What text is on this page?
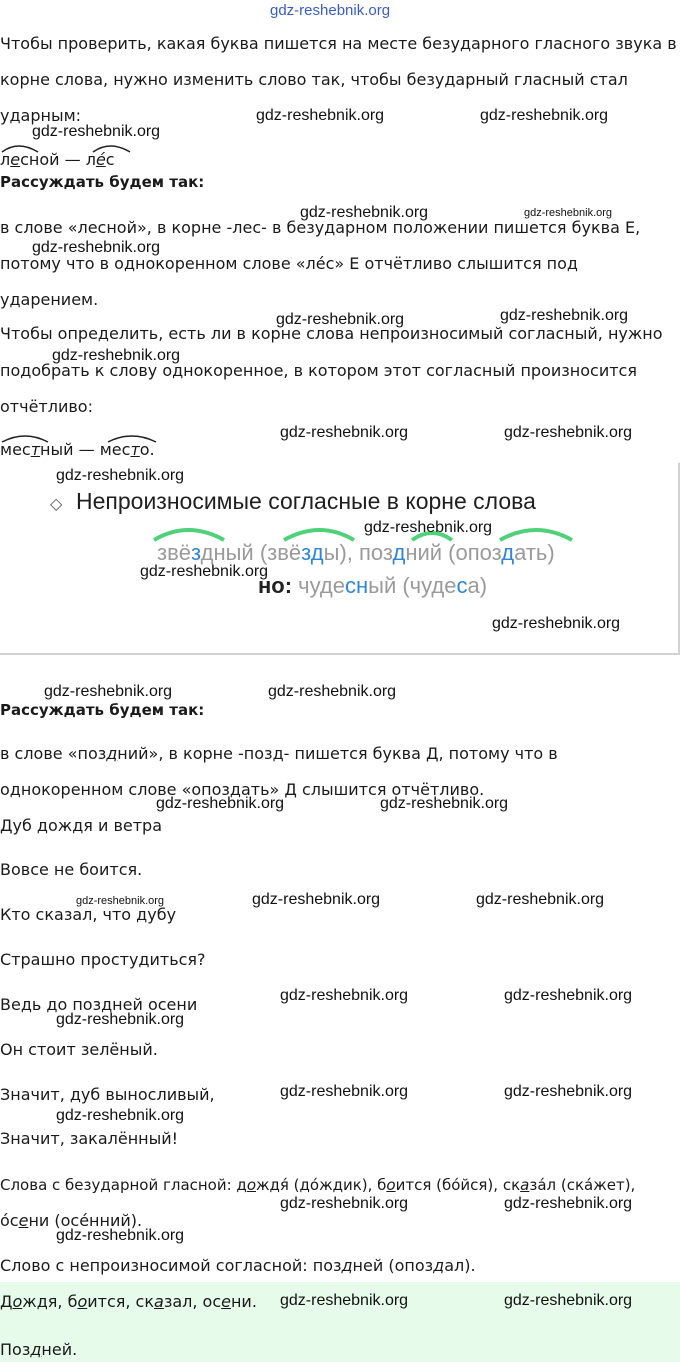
gdz-reshebnik.org
Чтобы проверить, какая буква пишется на месте безударного гласного звука в
корне слова, нужно изменить слово так, чтобы безударный гласный стал
ударным:
лесной — ле́с
Рассуждать будем так:
в слове «лесной», в корне -лес- в безударном положении пишется буква Е,
потому что в однокоренном слове «ле́с» Е отчётливо слышится под
ударением.
Чтобы определить, есть ли в корне слова непроизносимый согласный, нужно
подобрать к слову однокоренное, в котором этот согласный произносится
отчётливо:
местный — место.
◇ Непроизносимые согласные в корне слова
звёздный (звёзды), поздний (опоздать)
но: чудесный (чудеса)
Рассуждать будем так:
в слове «поздний», в корне -позд- пишется буква Д, потому что в
однокоренном слове «опоздать» Д слышится отчётливо.
Дуб дождя и ветра
Вовсе не боится.
Кто сказал, что дубу
Страшно простудиться?
Ведь до поздней осени
Он стоит зелёный.
Значит, дуб выносливый,
Значит, закалённый!
Слова с безударной гласной: дождя́ (до́ждик), боится (бо́йся), сказа́л (ска́жет),
о́сени (осе́нний).
Слово с непроизносимой согласной: поздней (опоздал).
Дождя, боится, сказал, осени.
Поздней.
gdz-reshebnik.org	gdz-reshebnik.org
gdz-reshebnik.org
gdz-reshebnik.org	gdz-reshebnik.org
gdz-reshebnik.org
gdz-reshebnik.org	gdz-reshebnik.org
gdz-reshebnik.org
gdz-reshebnik.org	gdz-reshebnik.org
gdz-reshebnik.org
gdz-reshebnik.org
gdz-reshebnik.org
gdz-reshebnik.org
gdz-reshebnik.org	gdz-reshebnik.org
gdz-reshebnik.org	gdz-reshebnik.org
gdz-reshebnik.org	gdz-reshebnik.org	gdz-reshebnik.org
gdz-reshebnik.org	gdz-reshebnik.org
gdz-reshebnik.org
gdz-reshebnik.org	gdz-reshebnik.org
gdz-reshebnik.org
gdz-reshebnik.org	gdz-reshebnik.org
gdz-reshebnik.org
gdz-reshebnik.org	gdz-reshebnik.org
